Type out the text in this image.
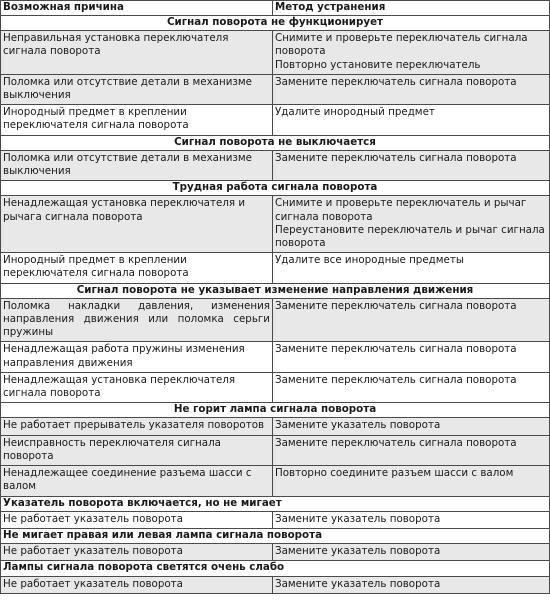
Возможная причина	Метод устранения
Сигнал поворота не функционирует	
Неправильная установка переключателя сигнала поворота	Снимите и проверьте переключатель сигнала поворота
Повторно установите переключатель

Поломка или отсутствие детали в механизме выключения	Замените переключатель сигнала поворота

Инородный предмет в креплении переключателя сигнала поворота	Удалите инородный предмет

Сигнал поворота не выключается	
Поломка или отсутствие детали в механизме выключения	Замените переключатель сигнала поворота

Трудная работа сигнала поворота	
Ненадлежащая установка переключателя и рычага сигнала поворота	Снимите и проверьте переключатель и рычаг сигнала поворота
Переустановите переключатель и рычаг сигнала поворота

Инородный предмет в креплении переключателя сигнала поворота	Удалите все инородные предметы

Сигнал поворота не указывает изменение направления движения	
Поломка накладки давления, изменения направления движения или поломка серьги пружины	Замените переключатель сигнала поворота

Ненадлежащая работа пружины изменения направления движения	Замените переключатель сигнала поворота

Ненадлежащая установка переключателя сигнала поворота	Замените переключатель сигнала поворота

Не горит лампа сигнала поворота	
Не работает прерыватель указателя поворотов	Замените указатель поворота

Неисправность переключателя сигнала поворота	Замените переключатель сигнала поворота

Ненадлежащее соединение разъема шасси с валом	Повторно соедините разъем шасси с валом

Указатель поворота включается, но не мигает	
Не работает указатель поворота	Замените указатель поворота

Не мигает правая или левая лампа сигнала поворота	
Не работает указатель поворота	Замените указатель поворота

Лампы сигнала поворота светятся очень слабо	
Не работает указатель поворота	Замените указатель поворота
